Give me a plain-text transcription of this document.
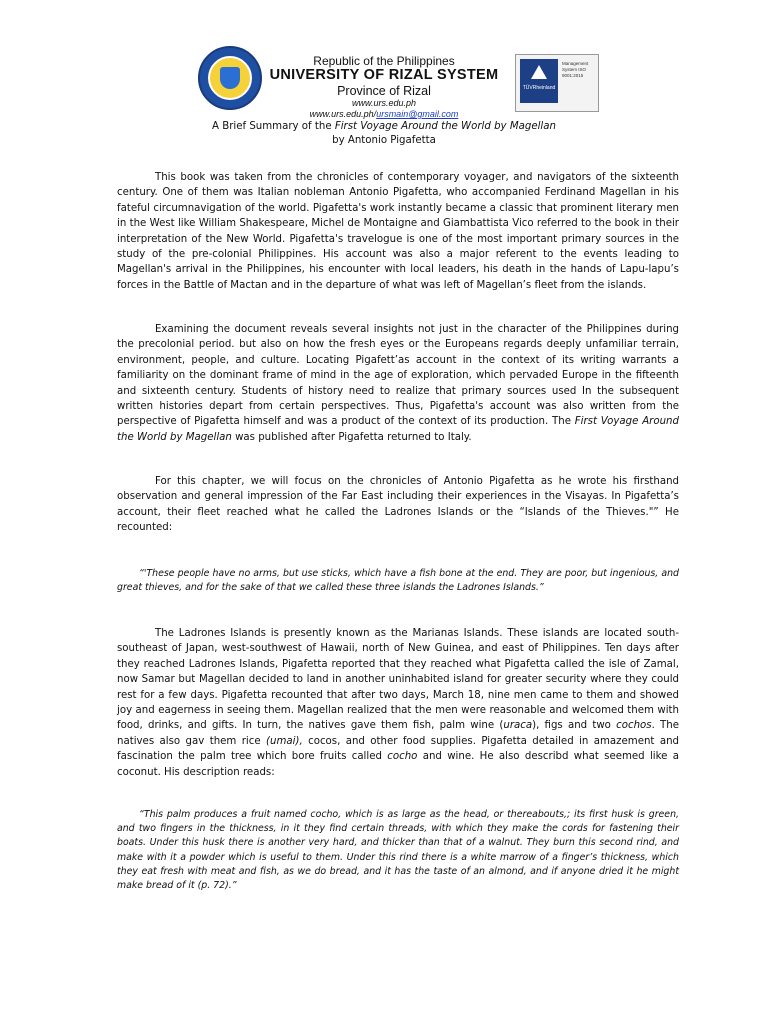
Republic of the Philippines
UNIVERSITY OF RIZAL SYSTEM
Province of Rizal
www.urs.edu.ph
www.urs.edu.ph/ursmain@gmail.com
TÜVRheinland
Management System ISO 9001:2015
A Brief Summary of the First Voyage Around the World by Magellan
by Antonio Pigafetta

This book was taken from the chronicles of contemporary voyager, and navigators of the sixteenth century. One of them was Italian nobleman Antonio Pigafetta, who accompanied Ferdinand Magellan in his fateful circumnavigation of the world. Pigafetta's work instantly became a classic that prominent literary men in the West like William Shakespeare, Michel de Montaigne and Giambattista Vico referred to the book in their interpretation of the New World. Pigafetta's travelogue is one of the most important primary sources in the study of the pre-colonial Philippines. His account was also a major referent to the events leading to Magellan's arrival in the Philippines, his encounter with local leaders, his death in the hands of Lapu-lapu’s forces in the Battle of Mactan and in the departure of what was left of Magellan’s fleet from the islands.

Examining the document reveals several insights not just in the character of the Philippines during the precolonial period. but also on how the fresh eyes or the Europeans regards deeply unfamiliar terrain, environment, people, and culture. Locating Pigafett’as account in the context of its writing warrants a familiarity on the dominant frame of mind in the age of exploration, which pervaded Europe in the fifteenth and sixteenth century. Students of history need to realize that primary sources used In the subsequent written histories depart from certain perspectives. Thus, Pigafetta's account was also written from the perspective of Pigafetta himself and was a product of the context of its production. The First Voyage Around the World by Magellan was published after Pigafetta returned to Italy.

For this chapter, we will focus on the chronicles of Antonio Pigafetta as he wrote his firsthand observation and general impression of the Far East including their experiences in the Visayas. In Pigafetta’s account, their fleet reached what he called the Ladrones Islands or the “Islands of the Thieves."” He recounted:

“'These people have no arms, but use sticks, which have a fish bone at the end. They are poor, but ingenious, and great thieves, and for the sake of that we called these three islands the Ladrones Islands.”

The Ladrones Islands is presently known as the Marianas Islands. These islands are located south-southeast of Japan, west-southwest of Hawaii, north of New Guinea, and east of Philippines. Ten days after they reached Ladrones Islands, Pigafetta reported that they reached what Pigafetta called the isle of Zamal, now Samar but Magellan decided to land in another uninhabited island for greater security where they could rest for a few days. Pigafetta recounted that after two days, March 18, nine men came to them and showed joy and eagerness in seeing them. Magellan realized that the men were reasonable and welcomed them with food, drinks, and gifts. In turn, the natives gave them fish, palm wine (uraca), figs and two cochos. The natives also gav them rice (umai), cocos, and other food supplies. Pigafetta detailed in amazement and fascination the palm tree which bore fruits called cocho and wine. He also describd what seemed like a coconut. His description reads:

“This palm produces a fruit named cocho, which is as large as the head, or thereabouts,; its first husk is green, and two fingers in the thickness, in it they find certain threads, with which they make the cords for fastening their boats. Under this husk there is another very hard, and thicker than that of a walnut. They burn this second rind, and make with it a powder which is useful to them. Under this rind there is a white marrow of a finger’s thickness, which they eat fresh with meat and fish, as we do bread, and it has the taste of an almond, and if anyone dried it he might make bread of it (p. 72).”
